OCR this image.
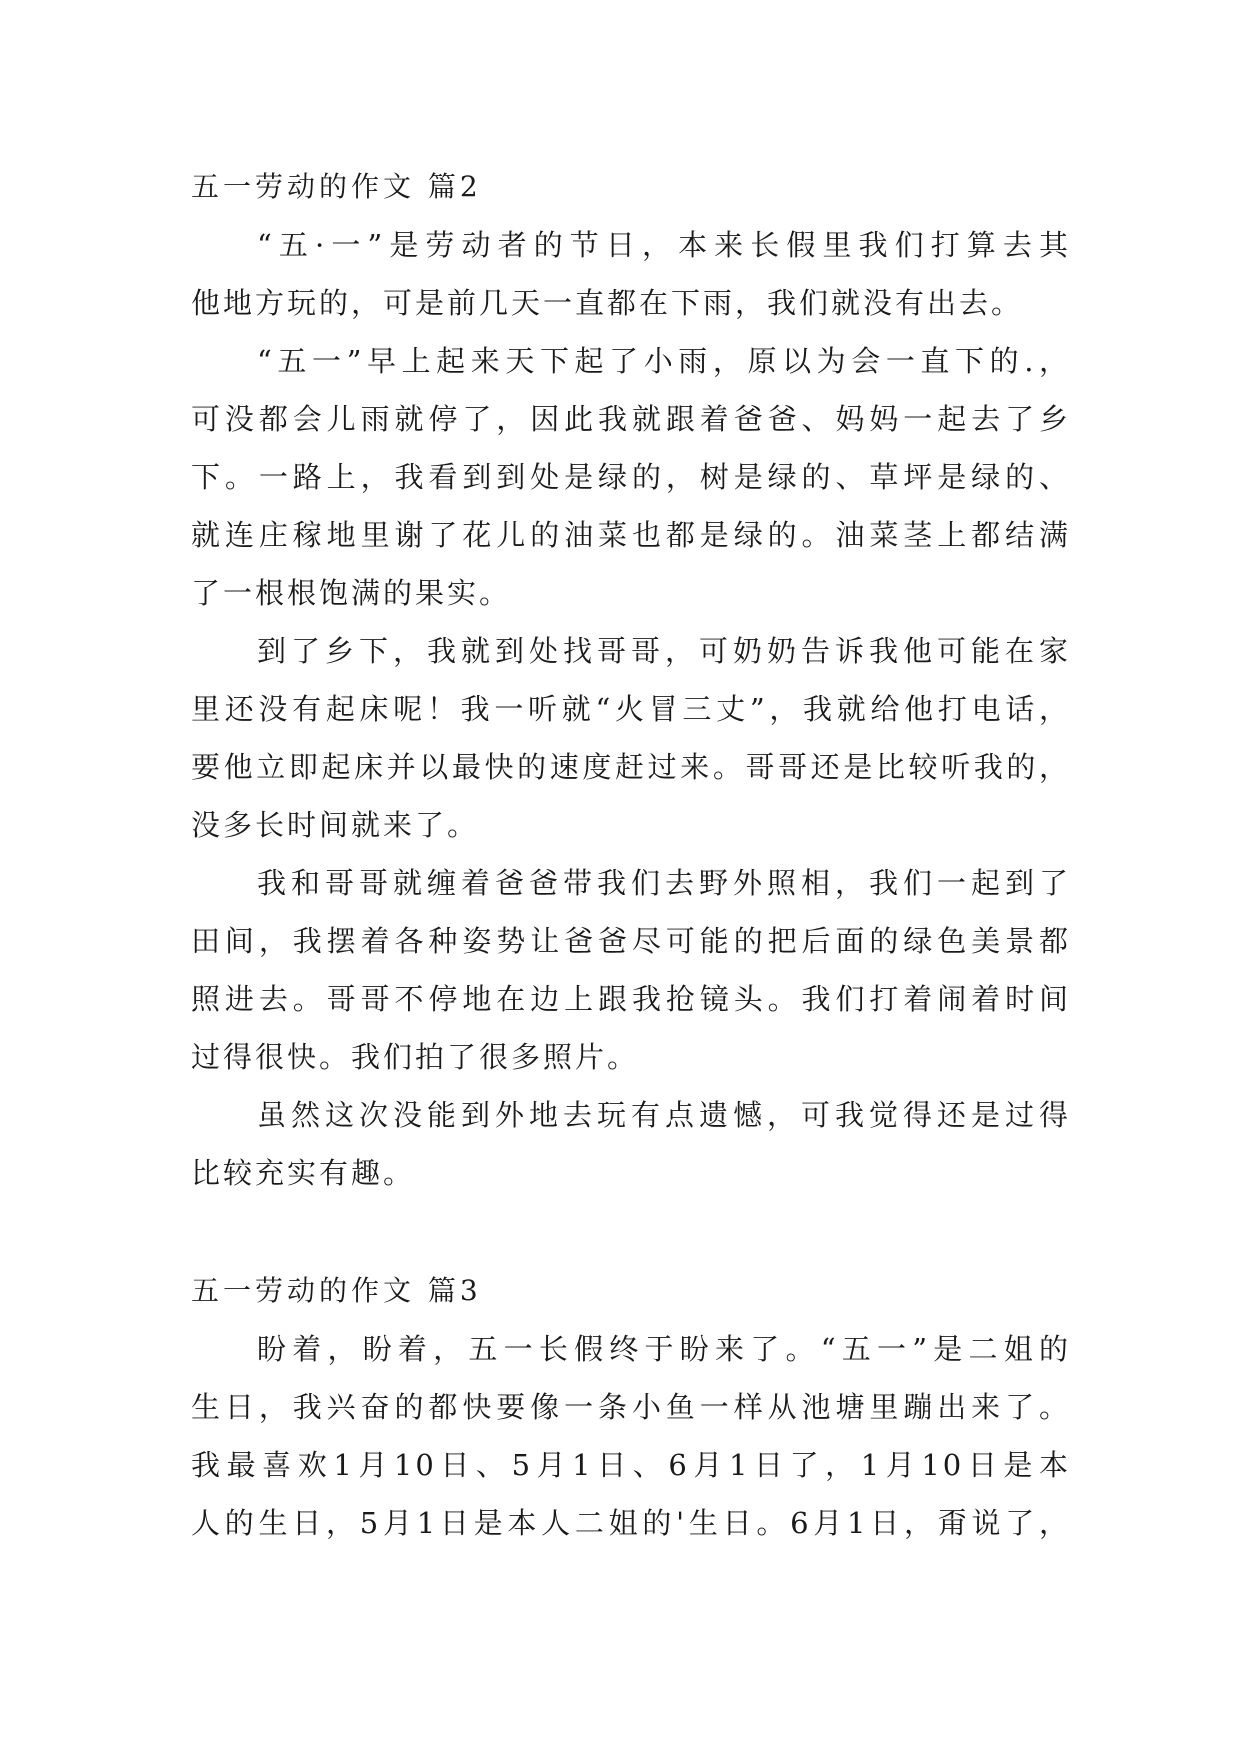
五一劳动的作文 篇2

“五·一”是劳动者的节日，本来长假里我们打算去其
他地方玩的，可是前几天一直都在下雨，我们就没有出去。

“五一”早上起来天下起了小雨，原以为会一直下的.，
可没都会儿雨就停了，因此我就跟着爸爸、妈妈一起去了乡
下。一路上，我看到到处是绿的，树是绿的、草坪是绿的、
就连庄稼地里谢了花儿的油菜也都是绿的。油菜茎上都结满
了一根根饱满的果实。

到了乡下，我就到处找哥哥，可奶奶告诉我他可能在家
里还没有起床呢！我一听就“火冒三丈”，我就给他打电话，
要他立即起床并以最快的速度赶过来。哥哥还是比较听我的，
没多长时间就来了。

我和哥哥就缠着爸爸带我们去野外照相，我们一起到了
田间，我摆着各种姿势让爸爸尽可能的把后面的绿色美景都
照进去。哥哥不停地在边上跟我抢镜头。我们打着闹着时间
过得很快。我们拍了很多照片。

虽然这次没能到外地去玩有点遗憾，可我觉得还是过得
比较充实有趣。

五一劳动的作文 篇3

盼着，盼着，五一长假终于盼来了。“五一”是二姐的
生日，我兴奋的都快要像一条小鱼一样从池塘里蹦出来了。
我最喜欢1月10日、5月1日、6月1日了，1月10日是本
人的生日，5月1日是本人二姐的'生日。6月1日，甭说了，
